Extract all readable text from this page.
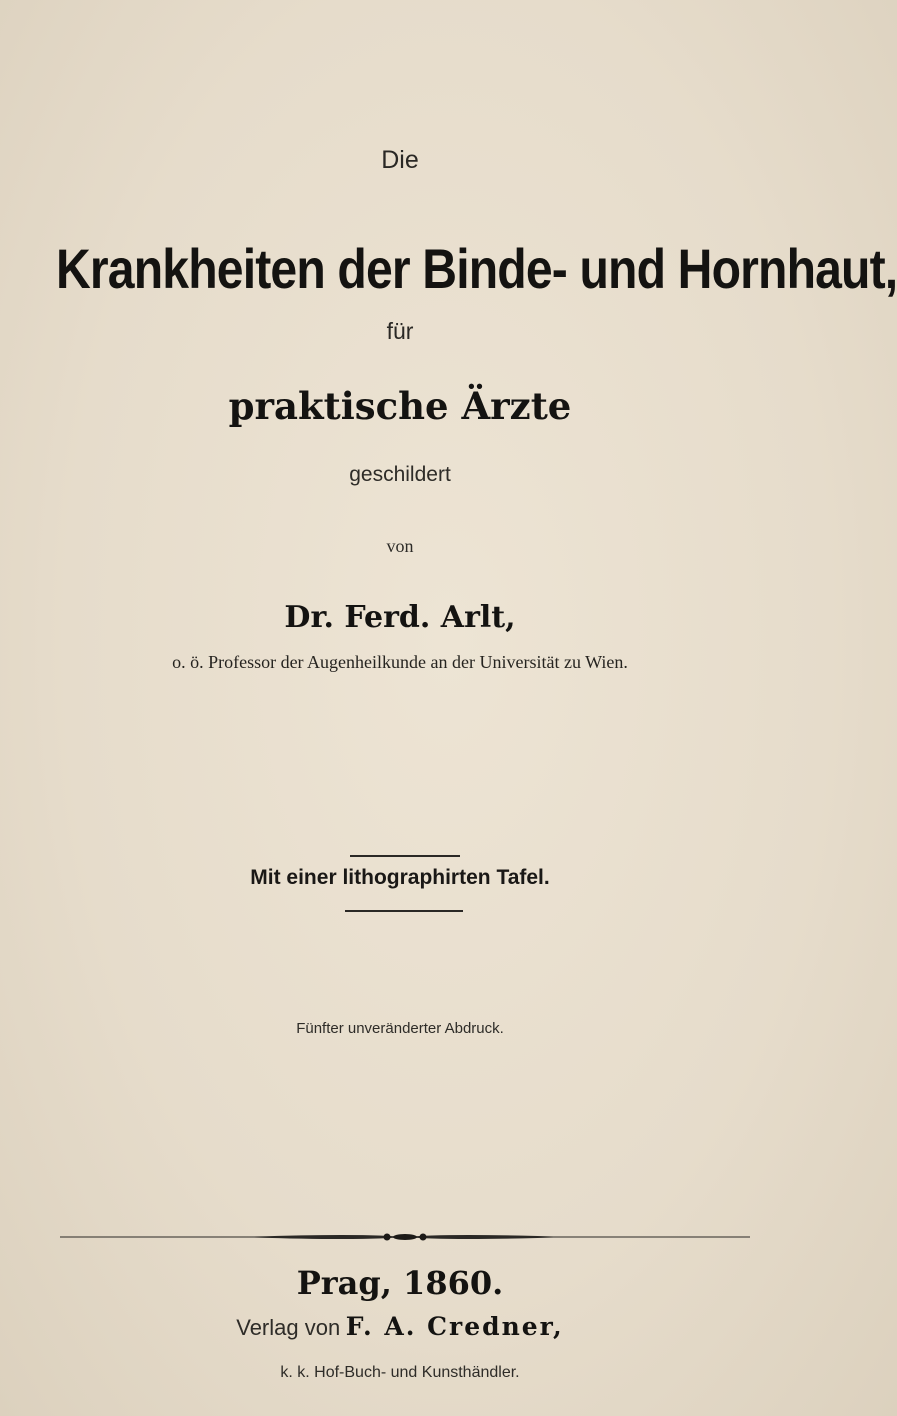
Die
Krankheiten der Binde- und Hornhaut,
für
praktische Ärzte
geschildert
von
Dr. Ferd. Arlt,
o. ö. Professor der Augenheilkunde an der Universität zu Wien.
Mit einer lithographirten Tafel.
Fünfter unveränderter Abdruck.
Prag, 1860.
Verlag von F. A. Credner,
k. k. Hof-Buch- und Kunsthändler.
